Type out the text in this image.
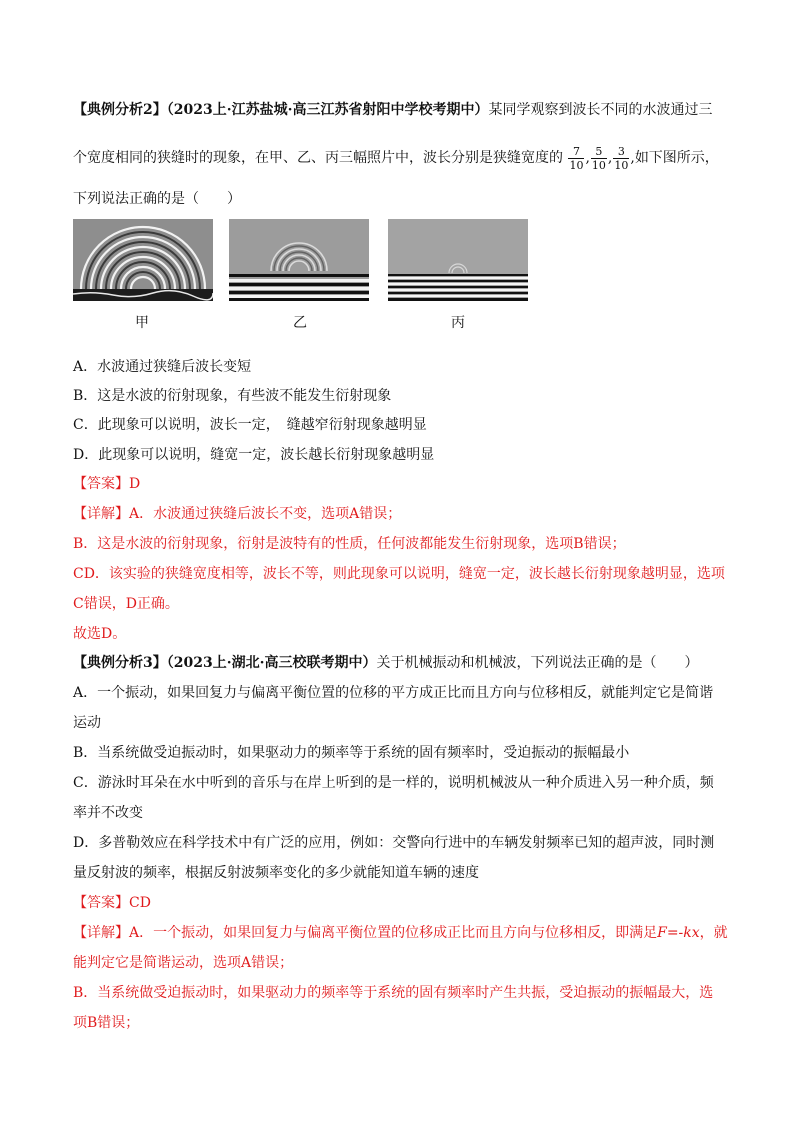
【典例分析2】（2023上·江苏盐城·高三江苏省射阳中学校考期中）某同学观察到波长不同的水波通过三
个宽度相同的狭缝时的现象，在甲、乙、丙三幅照片中，波长分别是狭缝宽度的 $\frac{7}{10}$ , $\frac{5}{10}$ , $\frac{3}{10}$ ,如下图所示，
下列说法正确的是（　　）
甲	乙	丙
A．水波通过狭缝后波长变短
B．这是水波的衍射现象，有些波不能发生衍射现象
C．此现象可以说明，波长一定，　缝越窄衍射现象越明显
D．此现象可以说明，缝宽一定，波长越长衍射现象越明显
【答案】D
【详解】A．水波通过狭缝后波长不变，选项A错误；
B．这是水波的衍射现象，衍射是波特有的性质，任何波都能发生衍射现象，选项B错误；
CD．该实验的狭缝宽度相等，波长不等，则此现象可以说明，缝宽一定，波长越长衍射现象越明显，选项
C错误，D正确。
故选D。
【典例分析3】（2023上·湖北·高三校联考期中）关于机械振动和机械波，下列说法正确的是（　　）
A．一个振动，如果回复力与偏离平衡位置的位移的平方成正比而且方向与位移相反，就能判定它是简谐
运动
B．当系统做受迫振动时，如果驱动力的频率等于系统的固有频率时，受迫振动的振幅最小
C．游泳时耳朵在水中听到的音乐与在岸上听到的是一样的，说明机械波从一种介质进入另一种介质，频
率并不改变
D．多普勒效应在科学技术中有广泛的应用，例如：交警向行进中的车辆发射频率已知的超声波，同时测
量反射波的频率，根据反射波频率变化的多少就能知道车辆的速度
【答案】CD
【详解】A．一个振动，如果回复力与偏离平衡位置的位移成正比而且方向与位移相反，即满足F=-kx，就
能判定它是简谐运动，选项A错误；
B．当系统做受迫振动时，如果驱动力的频率等于系统的固有频率时产生共振，受迫振动的振幅最大，选
项B错误；
